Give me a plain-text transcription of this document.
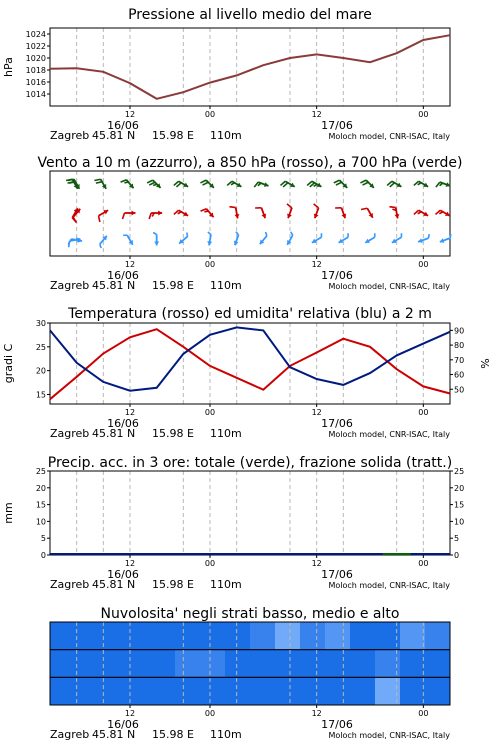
1014
1016
1018
1020
1022
1024
Pressione al livello medio del mare
hPa
12	00	12	00
16/06	17/06
Zagreb 45.81 N 15.98 E 110m	Moloch model, CNR-ISAC, Italy
Vento a 10 m (azzurro), a 850 hPa (rosso), a 700 hPa (verde)
12	00	12	00
16/06	17/06
Zagreb 45.81 N 15.98 E 110m	Moloch model, CNR-ISAC, Italy
15
20
25
30
50
60
70
80
90
Temperatura (rosso) ed umidita' relativa (blu) a 2 m
gradi C	%
12	00	12	00
16/06	17/06
Zagreb 45.81 N 15.98 E 110m	Moloch model, CNR-ISAC, Italy
0
5
10
15
20
25
0
5
10
15
20
25
Precip. acc. in 3 ore: totale (verde), frazione solida (tratt.)
mm
12	00	12	00
16/06	17/06
Zagreb 45.81 N 15.98 E 110m	Moloch model, CNR-ISAC, Italy
Nuvolosita' negli strati basso, medio e alto
12	00	12	00
16/06	17/06
Zagreb 45.81 N 15.98 E 110m	Moloch model, CNR-ISAC, Italy
